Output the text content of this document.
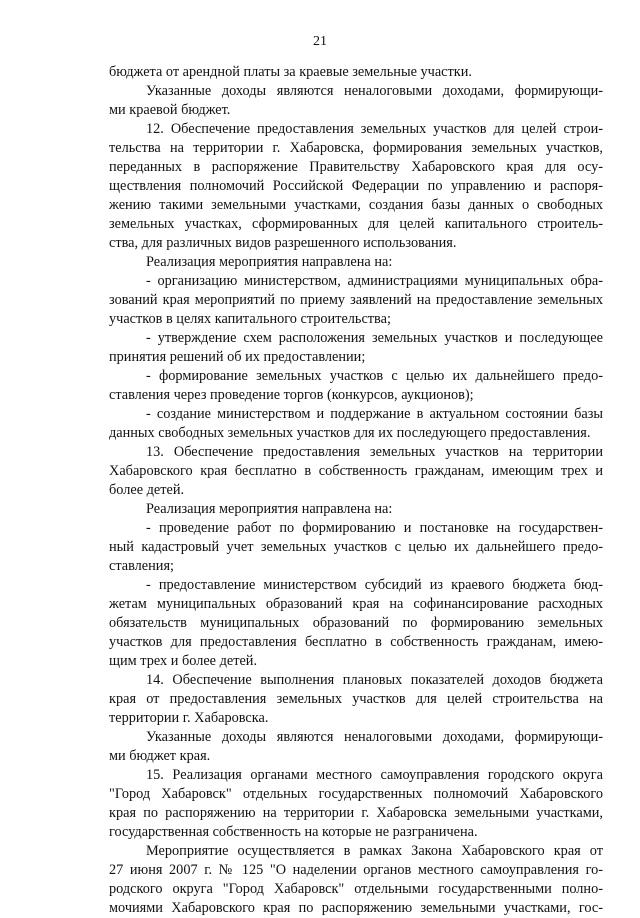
21
бюджета от арендной платы за краевые земельные участки.
Указанные доходы являются неналоговыми доходами, формирующи-
ми краевой бюджет.
12. Обеспечение предоставления земельных участков для целей строи-
тельства на территории г. Хабаровска, формирования земельных участков,
переданных в распоряжение Правительству Хабаровского края для осу-
ществления полномочий Российской Федерации по управлению и распоря-
жению такими земельными участками, создания базы данных о свободных
земельных участках, сформированных для целей капитального строитель-
ства, для различных видов разрешенного использования.
Реализация мероприятия направлена на:
- организацию министерством, администрациями муниципальных обра-
зований края мероприятий по приему заявлений на предоставление земельных
участков в целях капитального строительства;
- утверждение схем расположения земельных участков и последующее
принятия решений об их предоставлении;
- формирование земельных участков с целью их дальнейшего предо-
ставления через проведение торгов (конкурсов, аукционов);
- создание министерством и поддержание в актуальном состоянии базы
данных свободных земельных участков для их последующего предоставления.
13. Обеспечение предоставления земельных участков на территории
Хабаровского края бесплатно в собственность гражданам, имеющим трех и
более детей.
Реализация мероприятия направлена на:
- проведение работ по формированию и постановке на государствен-
ный кадастровый учет земельных участков с целью их дальнейшего предо-
ставления;
- предоставление министерством субсидий из краевого бюджета бюд-
жетам муниципальных образований края на софинансирование расходных
обязательств муниципальных образований по формированию земельных
участков для предоставления бесплатно в собственность гражданам, имею-
щим трех и более детей.
14. Обеспечение выполнения плановых показателей доходов бюджета
края от предоставления земельных участков для целей строительства на
территории г. Хабаровска.
Указанные доходы являются неналоговыми доходами, формирующи-
ми бюджет края.
15. Реализация органами местного самоуправления городского округа
"Город Хабаровск" отдельных государственных полномочий Хабаровского
края по распоряжению на территории г. Хабаровска земельными участками,
государственная собственность на которые не разграничена.
Мероприятие осуществляется в рамках Закона Хабаровского края от
27 июня 2007 г. № 125 "О наделении органов местного самоуправления го-
родского округа "Город Хабаровск" отдельными государственными полно-
мочиями Хабаровского края по распоряжению земельными участками, гос-
